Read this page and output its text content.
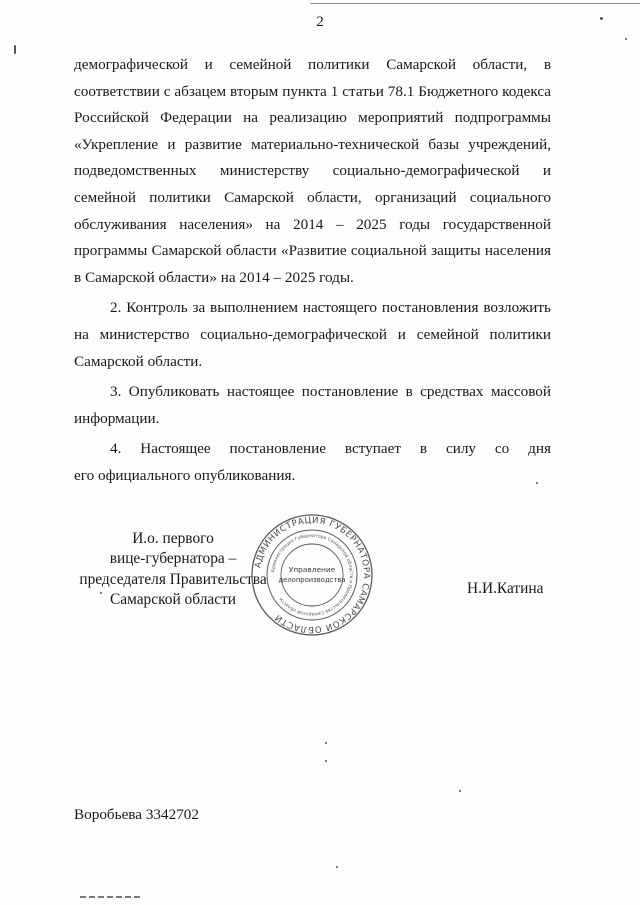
2

демографической и семейной политики Самарской области, в
соответствии с абзацем вторым пункта 1 статьи 78.1 Бюджетного кодекса
Российской Федерации на реализацию мероприятий подпрограммы
«Укрепление и развитие материально-технической базы учреждений,
подведомственных министерству социально-демографической и
семейной политики Самарской области, организаций социального
обслуживания населения» на 2014 – 2025 годы государственной
программы Самарской области «Развитие социальной защиты населения
в Самарской области» на 2014 – 2025 годы.

2. Контроль за выполнением настоящего постановления возложить
на министерство социально-демографической и семейной политики
Самарской области.

3. Опубликовать настоящее постановление в средствах массовой
информации.

4. Настоящее постановление вступает в силу со дня
его официального опубликования.

И.о. первого
вице-губернатора –
председателя Правительства
Самарской области
АДМИНИСТРАЦИЯ ГУБЕРНАТОРА САМАРСКОЙ ОБЛАСТИ
Администрация Губернатора Самарской области и Правительства Самарской области
Управление
делопроизводства	Н.И.Катина
Воробьева 3342702
